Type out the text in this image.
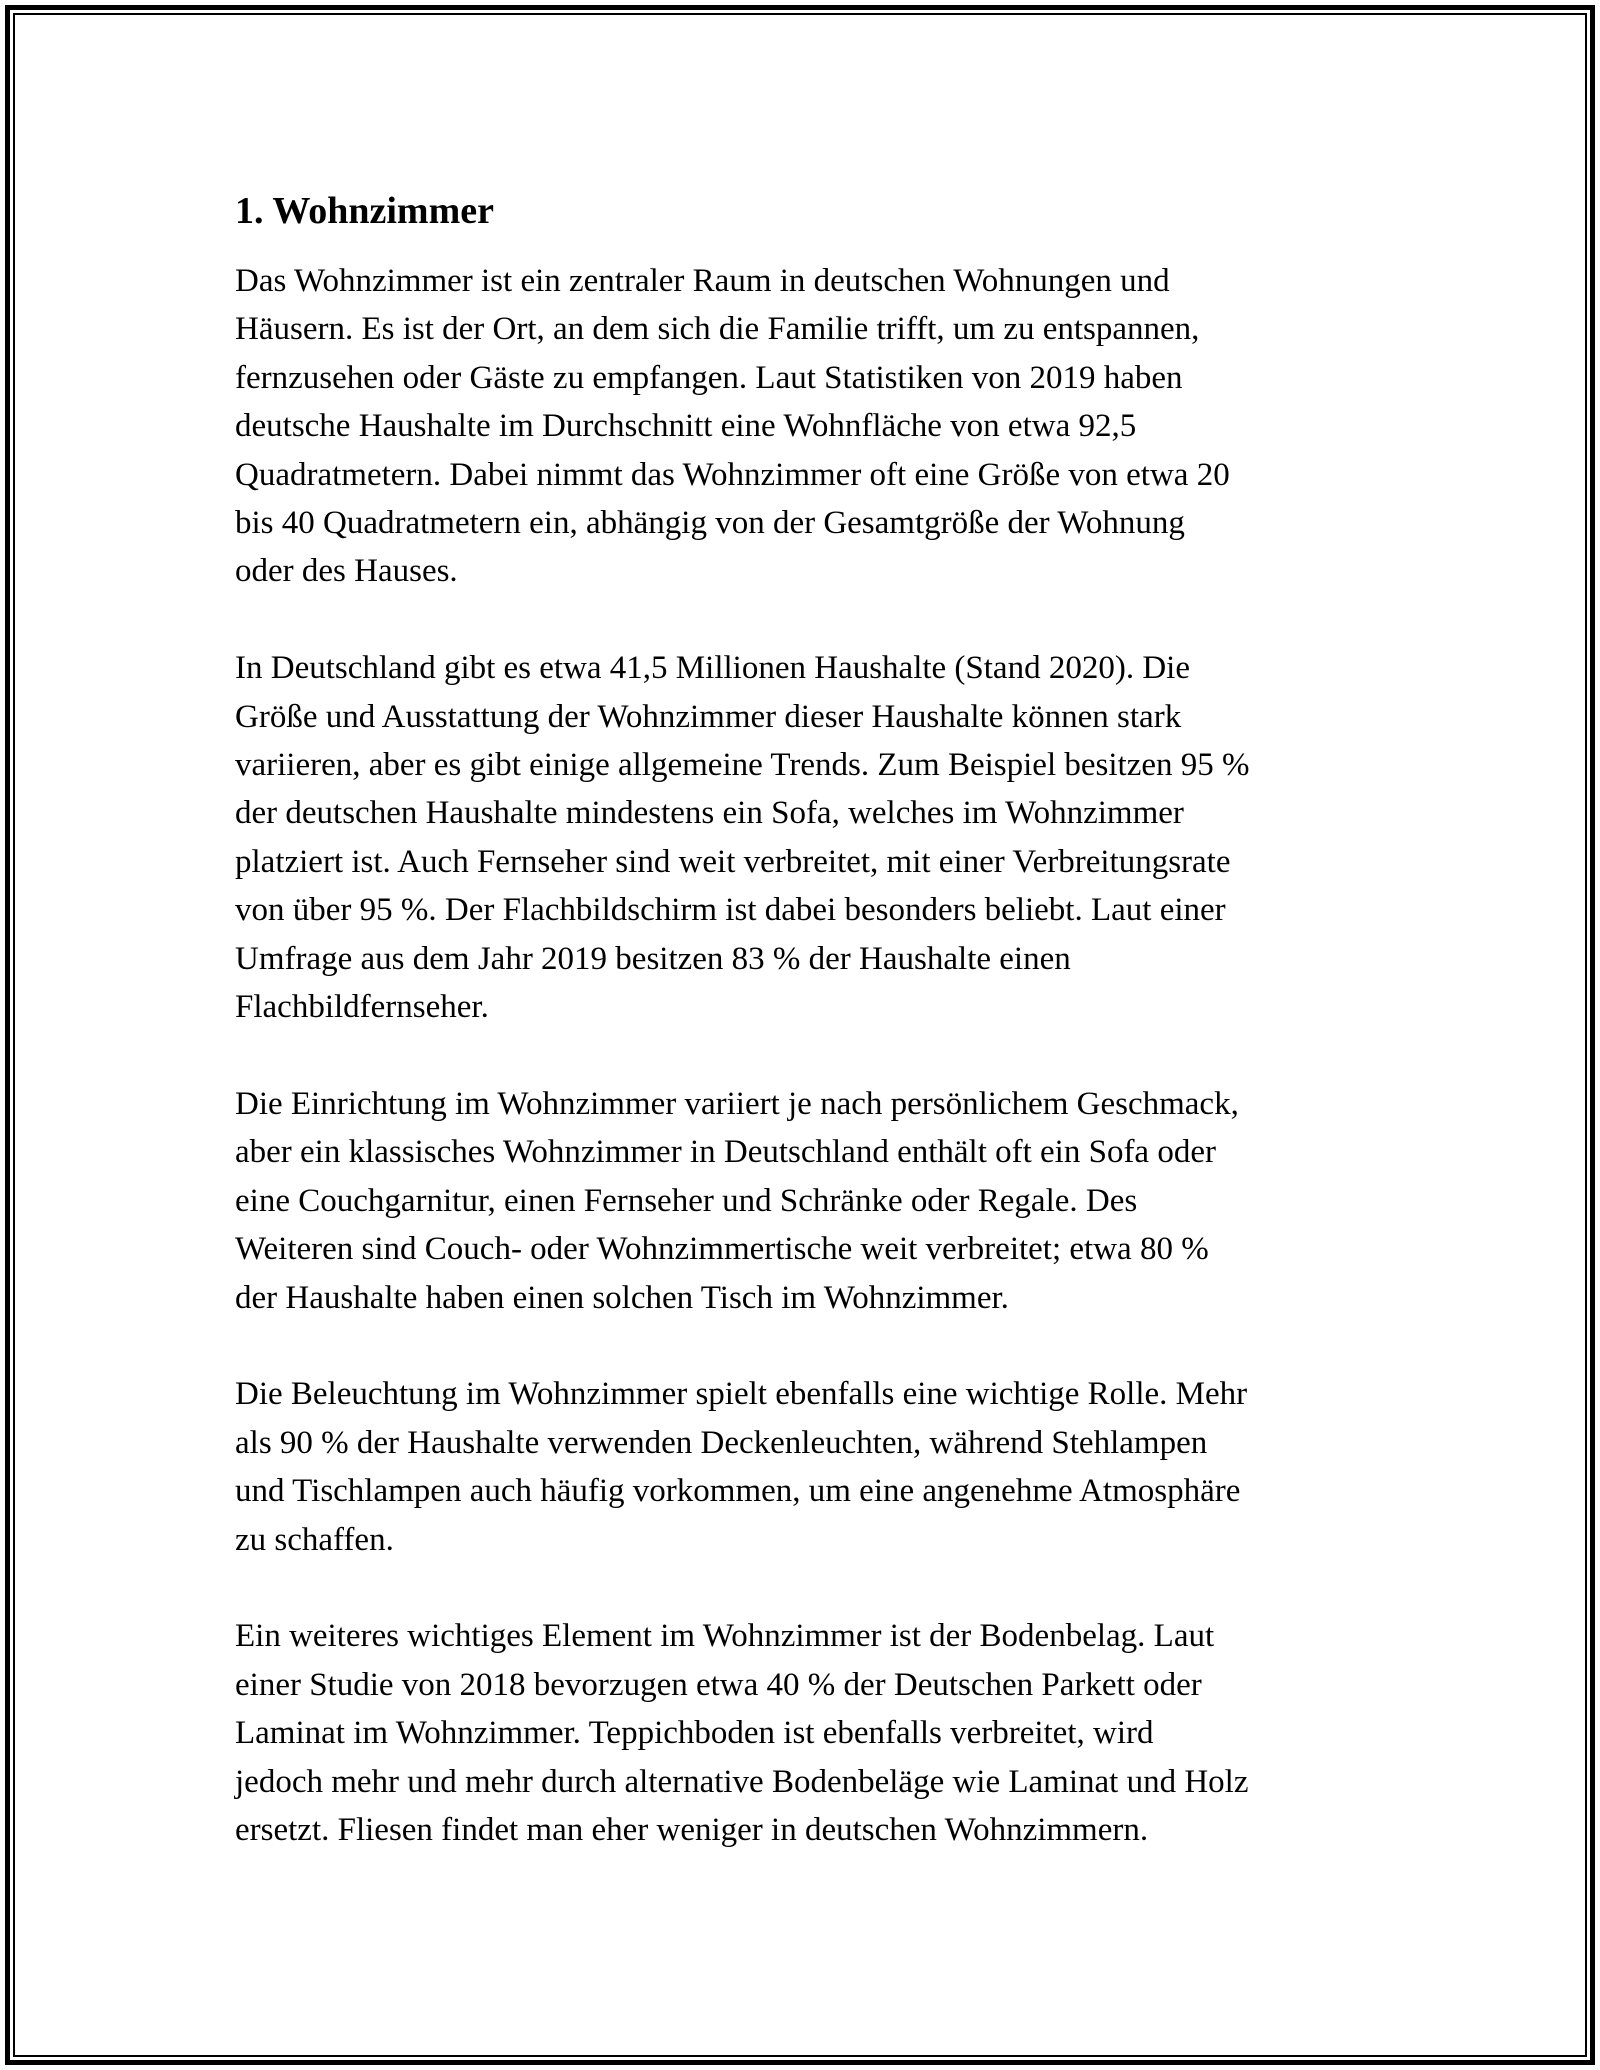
1. Wohnzimmer

Das Wohnzimmer ist ein zentraler Raum in deutschen Wohnungen und
Häusern. Es ist der Ort, an dem sich die Familie trifft, um zu entspannen,
fernzusehen oder Gäste zu empfangen. Laut Statistiken von 2019 haben
deutsche Haushalte im Durchschnitt eine Wohnfläche von etwa 92,5
Quadratmetern. Dabei nimmt das Wohnzimmer oft eine Größe von etwa 20
bis 40 Quadratmetern ein, abhängig von der Gesamtgröße der Wohnung
oder des Hauses.

In Deutschland gibt es etwa 41,5 Millionen Haushalte (Stand 2020). Die
Größe und Ausstattung der Wohnzimmer dieser Haushalte können stark
variieren, aber es gibt einige allgemeine Trends. Zum Beispiel besitzen 95 %
der deutschen Haushalte mindestens ein Sofa, welches im Wohnzimmer
platziert ist. Auch Fernseher sind weit verbreitet, mit einer Verbreitungsrate
von über 95 %. Der Flachbildschirm ist dabei besonders beliebt. Laut einer
Umfrage aus dem Jahr 2019 besitzen 83 % der Haushalte einen
Flachbildfernseher.

Die Einrichtung im Wohnzimmer variiert je nach persönlichem Geschmack,
aber ein klassisches Wohnzimmer in Deutschland enthält oft ein Sofa oder
eine Couchgarnitur, einen Fernseher und Schränke oder Regale. Des
Weiteren sind Couch- oder Wohnzimmertische weit verbreitet; etwa 80 %
der Haushalte haben einen solchen Tisch im Wohnzimmer.

Die Beleuchtung im Wohnzimmer spielt ebenfalls eine wichtige Rolle. Mehr
als 90 % der Haushalte verwenden Deckenleuchten, während Stehlampen
und Tischlampen auch häufig vorkommen, um eine angenehme Atmosphäre
zu schaffen.

Ein weiteres wichtiges Element im Wohnzimmer ist der Bodenbelag. Laut
einer Studie von 2018 bevorzugen etwa 40 % der Deutschen Parkett oder
Laminat im Wohnzimmer. Teppichboden ist ebenfalls verbreitet, wird
jedoch mehr und mehr durch alternative Bodenbeläge wie Laminat und Holz
ersetzt. Fliesen findet man eher weniger in deutschen Wohnzimmern.
